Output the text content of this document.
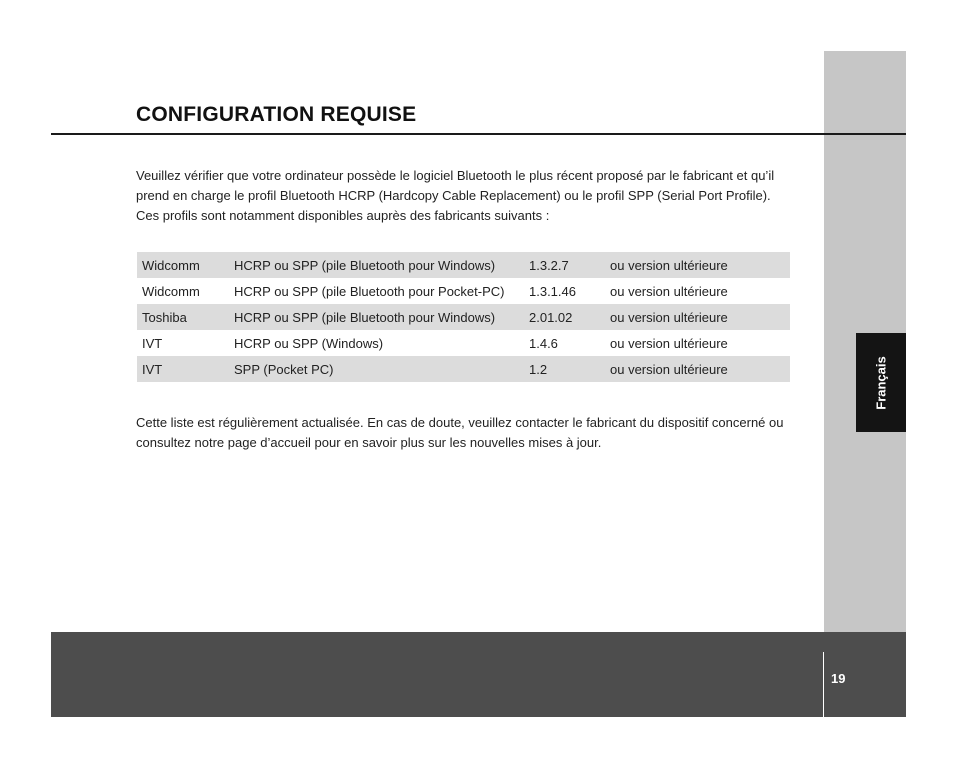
Français
CONFIGURATION REQUISE

Veuillez vérifier que votre ordinateur possède le logiciel Bluetooth le plus récent proposé par le fabricant et qu’il prend en charge le profil Bluetooth HCRP (Hardcopy Cable Replacement) ou le profil SPP (Serial Port Profile). Ces profils sont notamment disponibles auprès des fabricants suivants :

Widcomm	HCRP ou SPP (pile Bluetooth pour Windows)	1.3.2.7	ou version ultérieure
Widcomm	HCRP ou SPP (pile Bluetooth pour Pocket-PC)	1.3.1.46	ou version ultérieure
Toshiba	HCRP ou SPP (pile Bluetooth pour Windows)	2.01.02	ou version ultérieure
IVT	HCRP ou SPP (Windows)	1.4.6	ou version ultérieure
IVT	SPP (Pocket PC)	1.2	ou version ultérieure

Cette liste est régulièrement actualisée. En cas de doute, veuillez contacter le fabricant du dispositif concerné ou consultez notre page d’accueil pour en savoir plus sur les nouvelles mises à jour.

19
